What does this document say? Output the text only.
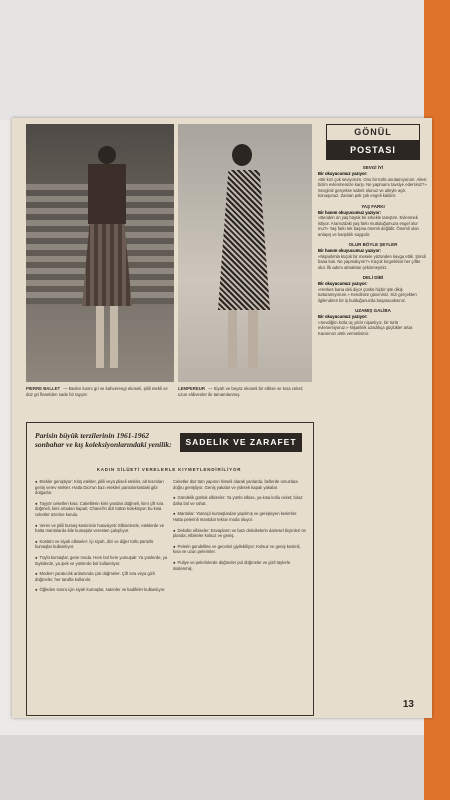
PIERRE BALLET — Beden kısmı gri ve kahverengi ekoseli, pilili etekli ve düz gri flanelden sade bir tayyör.
LEMPEREUR — Siyah ve beyaz ekoseli bir elbise ve kısa ceket; uzun eldivenler ile tamamlanmış.
GÖNÜL
POSTASI
SEVGİ İYİ
Bir okuyucumuz yazıyor:
«Bir kızı çok seviyorum. Onu bir türlü unutamıyorum. Ailesi bizim evlenmemize karşı. Ne yapmamı tavsiye edersiniz?» Sevginiz gerçekse sabırlı olunuz ve aileyle açık konuşunuz. Zaman pek çok engeli kaldırır.
YAŞ FARKI
Bir hanım okuyucumuz yazıyor:
«Benden on yaş büyük bir erkekle tanıştım. Evlenmek istiyor. Aramızdaki yaş farkı mutluluğumuza engel olur mu?» Yaş farkı tek başına önemli değildir. Önemli olan anlayış ve karşılıklı saygıdır.
OLUR BÖYLE ŞEYLER
Bir hanım okuyucumuz yazıyor:
«Nişanlımla küçük bir mesele yüzünden kavga ettik. Şimdi bana küs. Ne yapmalıyım?» Küçük kırgınlıklar her çiftte olur. İlk adımı atmaktan çekinmeyiniz.
DELİ DİBİ
Bir okuyucumuz yazıyor:
«Herkes bana deli diyor çünkü hiçbir işte dikiş tutturamıyorum.» Kendinize güveniniz. Sizi gerçekten ilgilendiren bir iş bulduğunuzda başaracaksınız.
UZAMIŞ GALİBA
Bir okuyucumuz yazıyor:
«Sevdiğim kızla üç yıldır nişanlıyız, bir türlü evlenemiyoruz.» Nişanlılık uzadıkça güçlükler artar. Kararınızı artık vermelisiniz.
Parisin büyük terzilerinin 1961-1962 sonbahar ve kış koleksiyonlarındaki yenilik:	SADELİK VE ZARAFET
KADIN SİLÜETİ VERELERLE KIYMETLENDİRİLİYOR
● Etekler geniştiyor: Kloş etekler, pilili veya pliseli etekler, alt kısımları geniş verev etekler. Hatta Dior'un bazı etekleri pantolonlardaki gibi dolgudur.
● Tayyör ceketleri kısa: Cakeltlerin kimi yandan düğmeli, kimi çift sıra düğmeli, kimi ortadan kapalı; Chanel'in dizi bütün koleksiyon bu kısa ceketler üzerine kurulu.
● Verev ve pilili kumaş kesiminin hususiyeti: Elbiselerde, eteklerde ve hatta mantolarda bile kumaşlar veresten çalışılıyor.
● Kostüm ve siyah elbiseler: İçi siyah, dizi ve diğer türlü pürüzlü kumaşlar kullanılıyor.
● Tüylü kumaşlar, gene moda. Hem bol hem yumuşak: Ya yünlerde, ya tüylülerde, ya ipek ve yünlerde bol kullanılıyor.
● Modern yaratıcılık anlamında çok düğmeler. Çift sıra veya gizli düğmeler, her tarafta kullanılır.
● Öğleden sonra için siyah kumaşlar, satenler ve kadifeler kullanılıyor.
Ceketler düz tüm yapının hisseli olarak yanlarda, bellerde omuzlara doğru genişliyor. Geniş yakalar ve yüksek kapalı yakalar.
● Gündelik günlük elbiseler: Ya yünlü elbise, ya kısa kollu ceket; biraz daha bol ve rahat.
● Mantolar: Yamaçlı kumaşlardan yapılmış ve genişleyen kesimler. Hatta pelerinli mantolar tekrar moda oluyor.
● Dekolte elbiseler: Esvapların ve bazı dekoltelerin dairesel biçimleri ön planda; elbiseler kolsuz ve geniş.
● Pelerin gündelikte ve geceleri giyilebiliyor: Kolsuz ve geniş kesimli, kısa ve uzun pelerinler.
● Puliye ve pelerinlerde düğmeler pul düğmeler ve gizli tüylerle süslenmiş.
13
